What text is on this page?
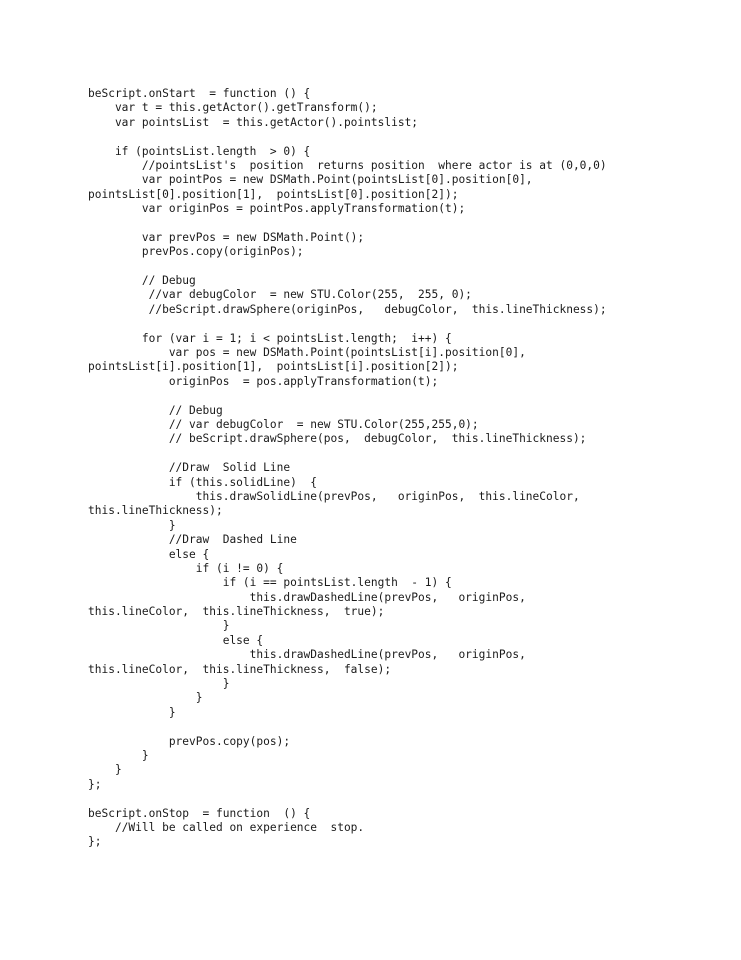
beScript.onStart  = function () {
var t = this.getActor().getTransform();
var pointsList  = this.getActor().pointslist;
if (pointsList.length  > 0) {
//pointsList's  position  returns position  where actor is at (0,0,0)
var pointPos = new DSMath.Point(pointsList[0].position[0],
pointsList[0].position[1],  pointsList[0].position[2]);
var originPos = pointPos.applyTransformation(t);
var prevPos = new DSMath.Point();
prevPos.copy(originPos);
// Debug
//var debugColor  = new STU.Color(255,  255, 0);
//beScript.drawSphere(originPos,   debugColor,  this.lineThickness);
for (var i = 1; i < pointsList.length;  i++) {
var pos = new DSMath.Point(pointsList[i].position[0],
pointsList[i].position[1],  pointsList[i].position[2]);
originPos  = pos.applyTransformation(t);
// Debug
// var debugColor  = new STU.Color(255,255,0);
// beScript.drawSphere(pos,  debugColor,  this.lineThickness);
//Draw  Solid Line
if (this.solidLine)  {
this.drawSolidLine(prevPos,   originPos,  this.lineColor,
this.lineThickness);
}
//Draw  Dashed Line
else {
if (i != 0) {
if (i == pointsList.length  - 1) {
this.drawDashedLine(prevPos,   originPos,
this.lineColor,  this.lineThickness,  true);
}
else {
this.drawDashedLine(prevPos,   originPos,
this.lineColor,  this.lineThickness,  false);
}
}
}
prevPos.copy(pos);
}
}
};
beScript.onStop  = function  () {
//Will be called on experience  stop.
};
